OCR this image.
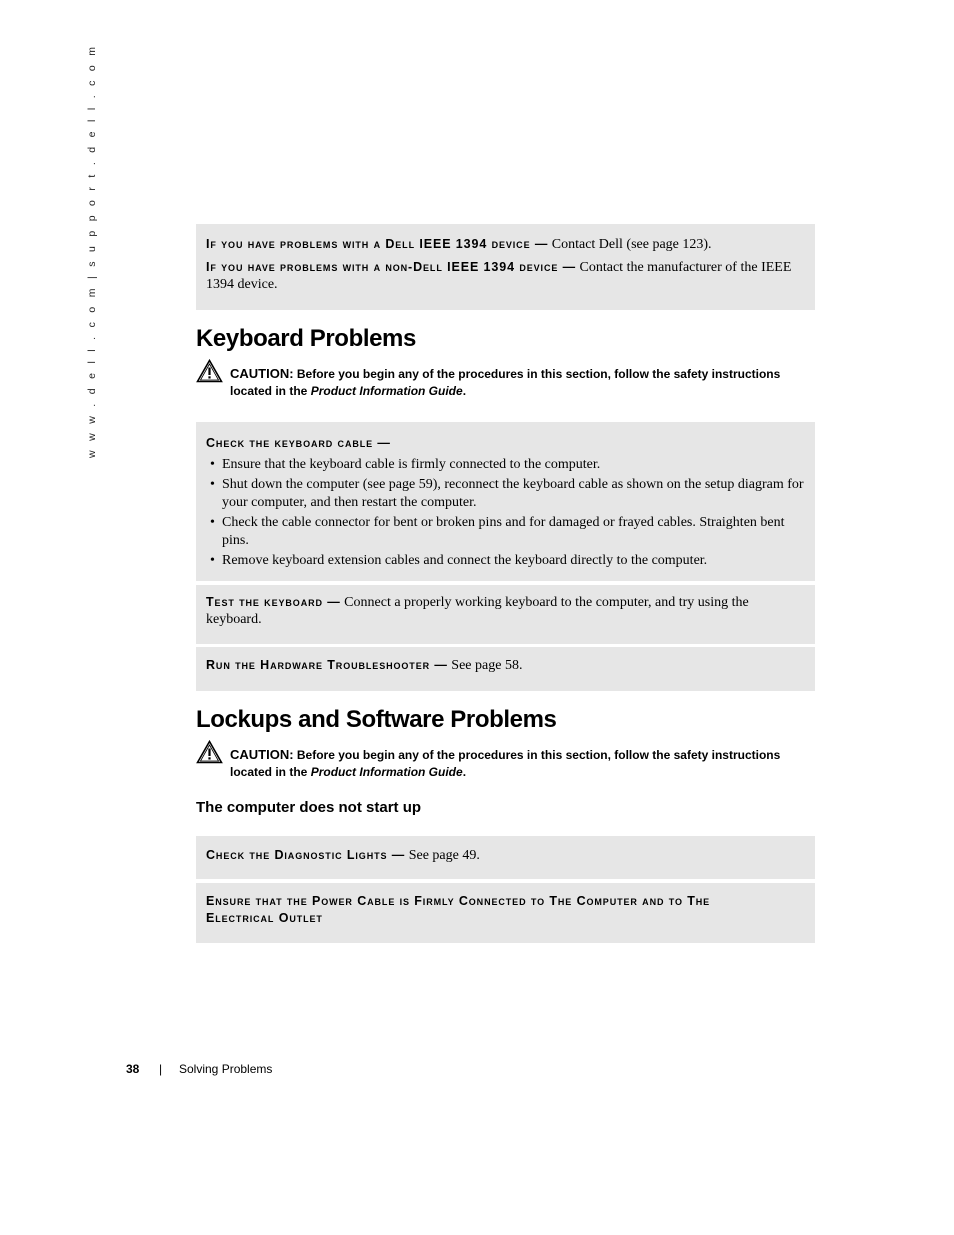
w w w . d e l l . c o m | s u p p o r t . d e l l . c o m	If you have problems with a Dell IEEE 1394 device — Contact Dell (see page 123).

If you have problems with a non-Dell IEEE 1394 device — Contact the manufacturer of the IEEE 1394 device.

Keyboard Problems
CAUTION: Before you begin any of the procedures in this section, follow the safety instructions located in the Product Information Guide.
Check the keyboard cable —
• Ensure that the keyboard cable is firmly connected to the computer.
• Shut down the computer (see page 59), reconnect the keyboard cable as shown on the setup diagram for your computer, and then restart the computer.
• Check the cable connector for bent or broken pins and for damaged or frayed cables. Straighten bent pins.
• Remove keyboard extension cables and connect the keyboard directly to the computer.

Test the keyboard — Connect a properly working keyboard to the computer, and try using the keyboard.

Run the Hardware Troubleshooter — See page 58.

Lockups and Software Problems
CAUTION: Before you begin any of the procedures in this section, follow the safety instructions located in the Product Information Guide.
The computer does not start up

Check the Diagnostic Lights — See page 49.

Ensure that the Power Cable is Firmly Connected to The Computer and to The Electrical Outlet
38 | Solving Problems
